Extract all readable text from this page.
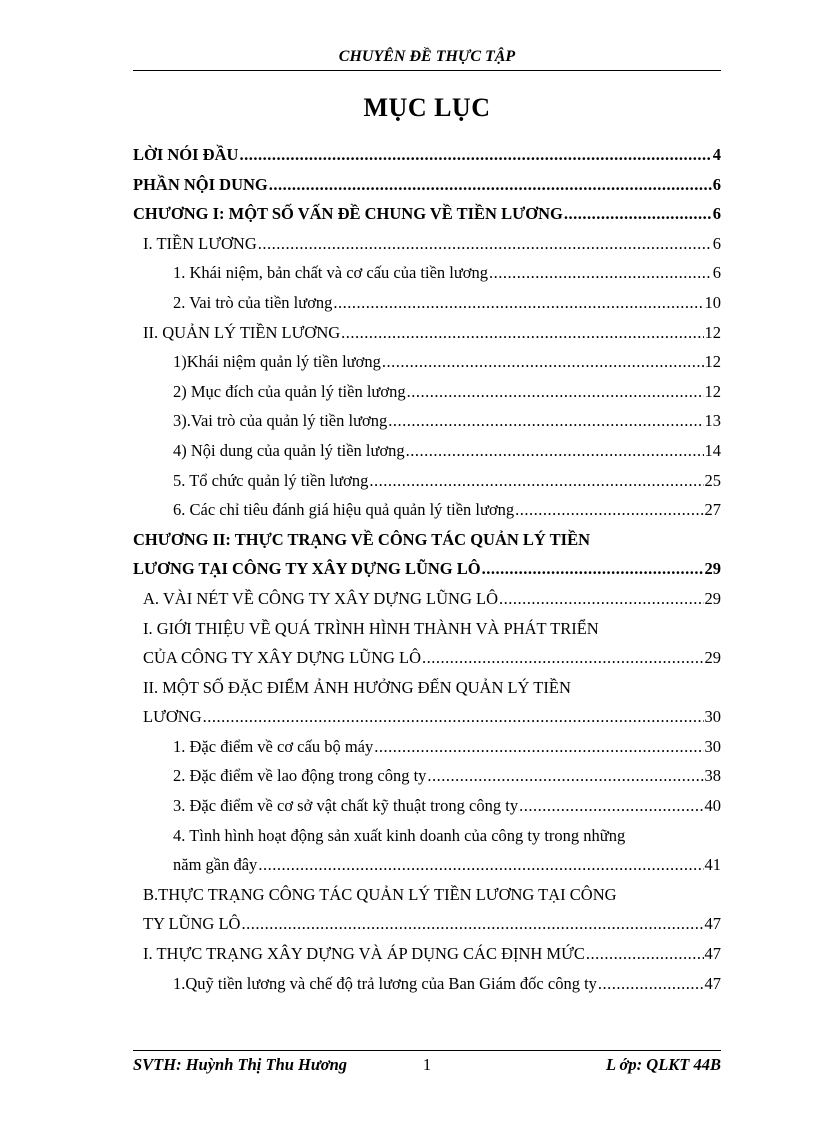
CHUYÊN ĐỀ THỰC TẬP
MỤC LỤC
LỜI NÓI ĐẦU .....	4
PHẦN NỘI DUNG .....	6
CHƯƠNG I: MỘT SỐ VẤN ĐỀ CHUNG VỀ TIỀN LƯƠNG .....	6
I. TIỀN LƯƠNG .....	6
1. Khái niệm, bản chất và cơ cấu của tiền lương .....	6
2. Vai trò của tiền lương .....	10
II. QUẢN LÝ TIỀN LƯƠNG .....	12
1)Khái niệm quản lý tiền lương .....	12
2) Mục đích của quản lý tiền lương .....	12
3).Vai trò của quản lý tiền lương .....	13
4) Nội dung của quản lý tiền lương .....	14
5. Tổ chức quản lý tiền lương .....	25
6. Các chỉ tiêu đánh giá hiệu quả quản lý tiền lương .....	27
CHƯƠNG II: THỰC TRẠNG VỀ CÔNG TÁC QUẢN LÝ TIỀN
LƯƠNG TẠI CÔNG TY XÂY DỰNG LŨNG LÔ .....	29
A. VÀI NÉT VỀ CÔNG TY XÂY DỰNG LŨNG LÔ .....	29
I. GIỚI THIỆU VỀ QUÁ TRÌNH HÌNH THÀNH VÀ PHÁT TRIỂN
CỦA CÔNG TY XÂY DỰNG LŨNG LÔ .....	29
II. MỘT SỐ ĐẶC ĐIỂM ẢNH HƯỞNG ĐẾN QUẢN LÝ TIỀN
LƯƠNG .....	30
1. Đặc điểm về cơ cấu bộ máy .....	30
2. Đặc điểm về lao động trong công ty .....	38
3. Đặc điểm về cơ sở vật chất kỹ thuật trong công ty .....	40
4. Tình hình hoạt động sản xuất kinh doanh của công ty trong những
năm gần đây .....	41
B.THỰC TRẠNG CÔNG TÁC QUẢN LÝ TIỀN LƯƠNG TẠI CÔNG
TY LŨNG LÔ .....	47
I. THỰC TRẠNG XÂY DỰNG VÀ ÁP DỤNG CÁC ĐỊNH MỨC .....	47
1.Quỹ tiền lương và chế độ trả lương của Ban Giám đốc công ty .....	47
SVTH: Huỳnh Thị Thu Hương	1	L ớp: QLKT 44B
